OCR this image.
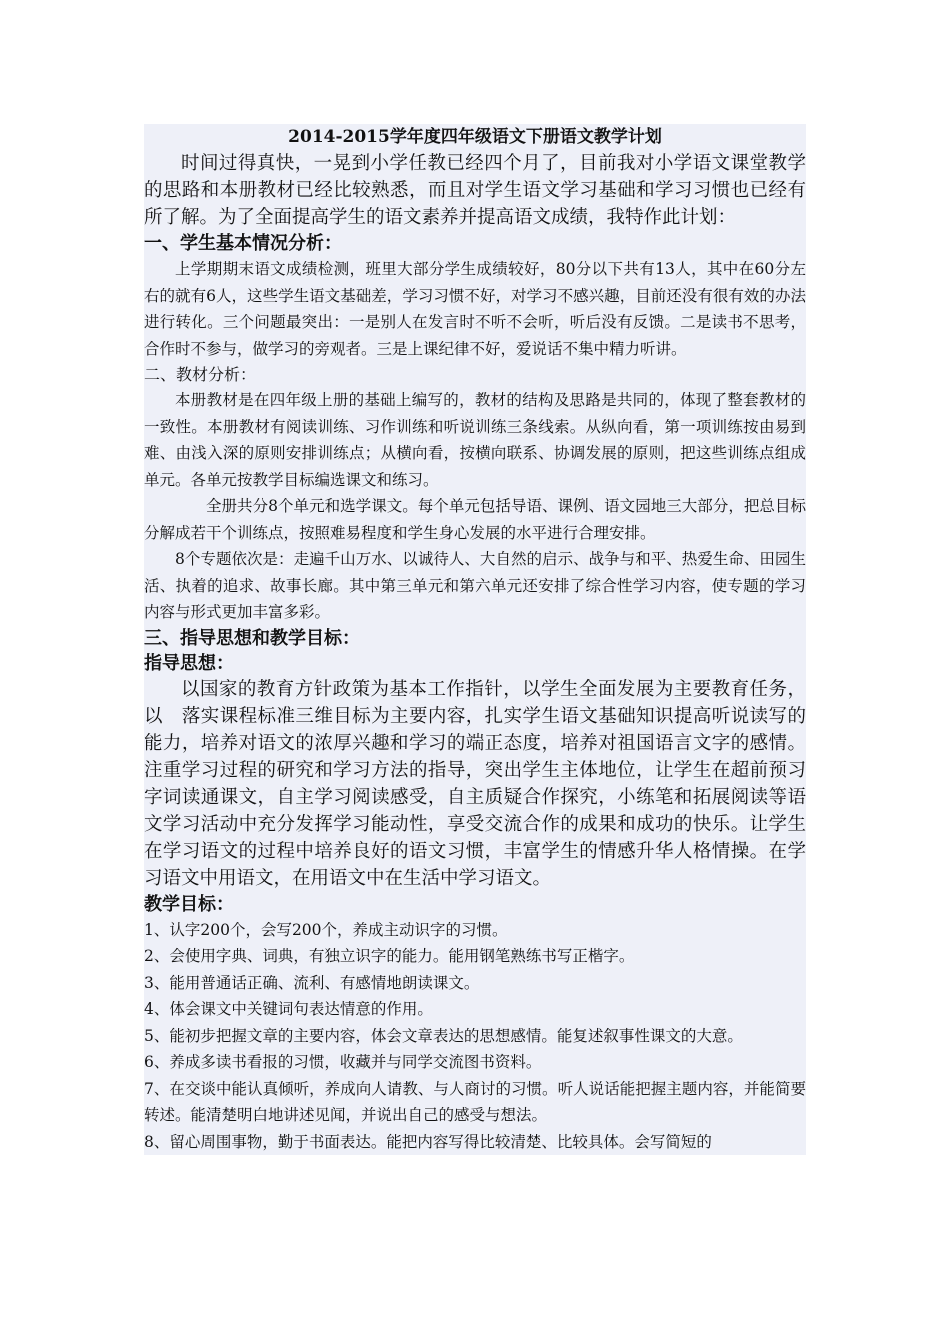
2014-2015学年度四年级语文下册语文教学计划

时间过得真快，一晃到小学任教已经四个月了，目前我对小学语文课堂教学的思路和本册教材已经比较熟悉，而且对学生语文学习基础和学习习惯也已经有所了解。为了全面提高学生的语文素养并提高语文成绩，我特作此计划：

一、学生基本情况分析：

上学期期末语文成绩检测，班里大部分学生成绩较好，80分以下共有13人，其中在60分左右的就有6人，这些学生语文基础差，学习习惯不好，对学习不感兴趣，目前还没有很有效的办法进行转化。三个问题最突出：一是别人在发言时不听不会听，听后没有反馈。二是读书不思考，合作时不参与，做学习的旁观者。三是上课纪律不好，爱说话不集中精力听讲。

二、教材分析：

本册教材是在四年级上册的基础上编写的，教材的结构及思路是共同的，体现了整套教材的一致性。本册教材有阅读训练、习作训练和听说训练三条线索。从纵向看，第一项训练按由易到难、由浅入深的原则安排训练点；从横向看，按横向联系、协调发展的原则，把这些训练点组成单元。各单元按教学目标编选课文和练习。

全册共分8个单元和选学课文。每个单元包括导语、课例、语文园地三大部分，把总目标分解成若干个训练点，按照难易程度和学生身心发展的水平进行合理安排。

8个专题依次是：走遍千山万水、以诚待人、大自然的启示、战争与和平、热爱生命、田园生活、执着的追求、故事长廊。其中第三单元和第六单元还安排了综合性学习内容，使专题的学习内容与形式更加丰富多彩。

三、指导思想和教学目标：

指导思想：

以国家的教育方针政策为基本工作指针，以学生全面发展为主要教育任务，以　落实课程标准三维目标为主要内容，扎实学生语文基础知识提高听说读写的能力，培养对语文的浓厚兴趣和学习的端正态度，培养对祖国语言文字的感情。注重学习过程的研究和学习方法的指导，突出学生主体地位，让学生在超前预习字词读通课文，自主学习阅读感受，自主质疑合作探究，小练笔和拓展阅读等语文学习活动中充分发挥学习能动性，享受交流合作的成果和成功的快乐。让学生在学习语文的过程中培养良好的语文习惯，丰富学生的情感升华人格情操。在学习语文中用语文，在用语文中在生活中学习语文。

教学目标：

1、认字200个，会写200个，养成主动识字的习惯。

2、会使用字典、词典，有独立识字的能力。能用钢笔熟练书写正楷字。

3、能用普通话正确、流利、有感情地朗读课文。

4、体会课文中关键词句表达情意的作用。

5、能初步把握文章的主要内容，体会文章表达的思想感情。能复述叙事性课文的大意。

6、养成多读书看报的习惯，收藏并与同学交流图书资料。

7、在交谈中能认真倾听，养成向人请教、与人商讨的习惯。听人说话能把握主题内容，并能简要转述。能清楚明白地讲述见闻，并说出自己的感受与想法。

8、留心周围事物，勤于书面表达。能把内容写得比较清楚、比较具体。会写简短的
